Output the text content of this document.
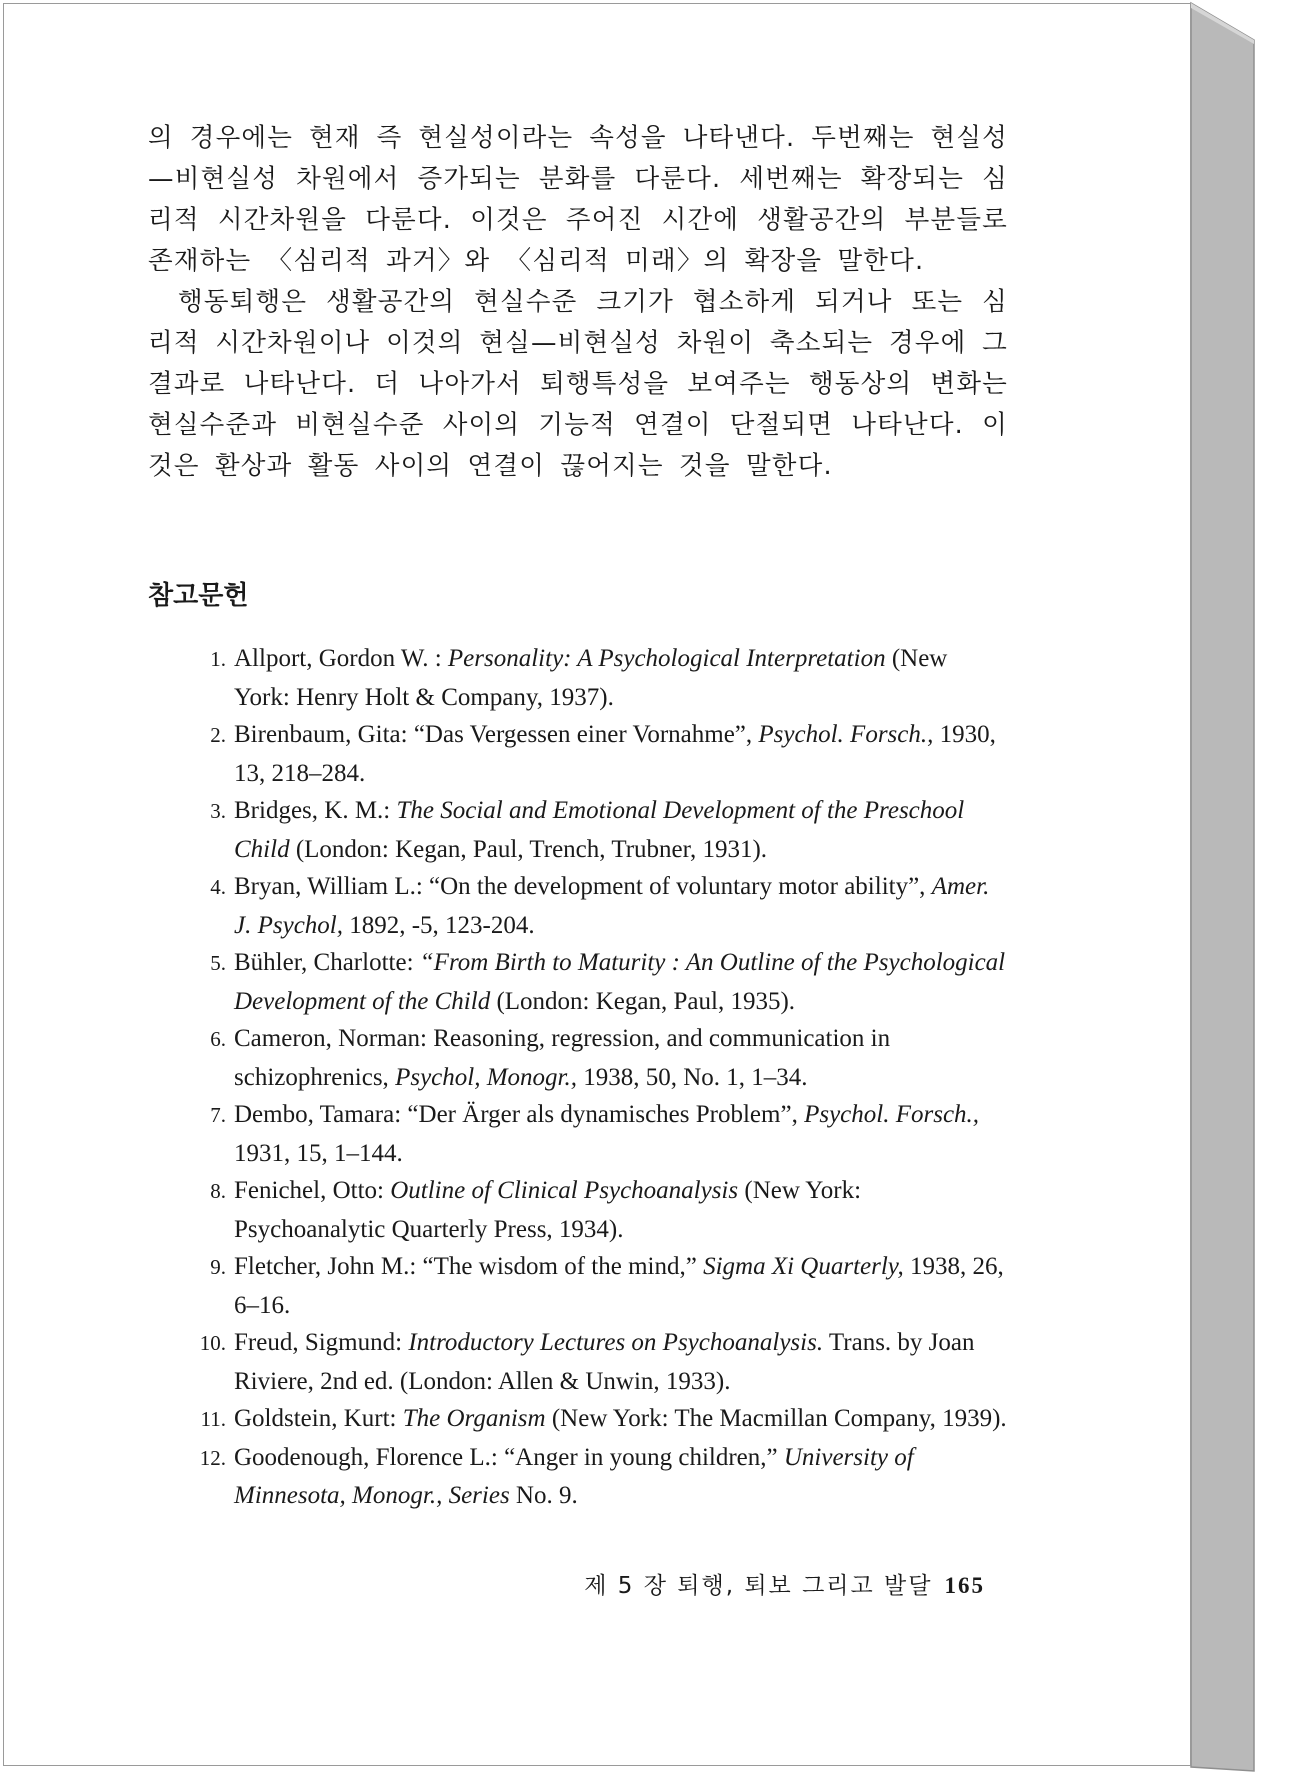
의 경우에는 현재 즉 현실성이라는 속성을 나타낸다. 두번째는 현실성—비현실성 차원에서 증가되는 분화를 다룬다. 세번째는 확장되는 심리적 시간차원을 다룬다. 이것은 주어진 시간에 생활공간의 부분들로 존재하는 〈심리적 과거〉와 〈심리적 미래〉의 확장을 말한다.

행동퇴행은 생활공간의 현실수준 크기가 협소하게 되거나 또는 심리적 시간차원이나 이것의 현실—비현실성 차원이 축소되는 경우에 그 결과로 나타난다. 더 나아가서 퇴행특성을 보여주는 행동상의 변화는 현실수준과 비현실수준 사이의 기능적 연결이 단절되면 나타난다. 이것은 환상과 활동 사이의 연결이 끊어지는 것을 말한다.

참고문헌
1. Allport, Gordon W. : Personality: A Psychological Interpretation (New York: Henry Holt & Company, 1937).
2. Birenbaum, Gita: “Das Vergessen einer Vornahme”, Psychol. Forsch., 1930, 13, 218–284.
3. Bridges, K. M.: The Social and Emotional Development of the Preschool Child (London: Kegan, Paul, Trench, Trubner, 1931).
4. Bryan, William L.: “On the development of voluntary motor ability”, Amer. J. Psychol, 1892, -5, 123-204.
5. Bühler, Charlotte: “From Birth to Maturity : An Outline of the Psychological Development of the Child (London: Kegan, Paul, 1935).
6. Cameron, Norman: Reasoning, regression, and communication in schizophrenics, Psychol, Monogr., 1938, 50, No. 1, 1–34.
7. Dembo, Tamara: “Der Ärger als dynamisches Problem”, Psychol. Forsch., 1931, 15, 1–144.
8. Fenichel, Otto: Outline of Clinical Psychoanalysis (New York: Psychoanalytic Quarterly Press, 1934).
9. Fletcher, John M.: “The wisdom of the mind,” Sigma Xi Quarterly, 1938, 26, 6–16.
10. Freud, Sigmund: Introductory Lectures on Psychoanalysis. Trans. by Joan Riviere, 2nd ed. (London: Allen & Unwin, 1933).
11. Goldstein, Kurt: The Organism (New York: The Macmillan Company, 1939).
12. Goodenough, Florence L.: “Anger in young children,” University of Minnesota, Monogr., Series No. 9.
제 5 장 퇴행, 퇴보 그리고 발달 165
